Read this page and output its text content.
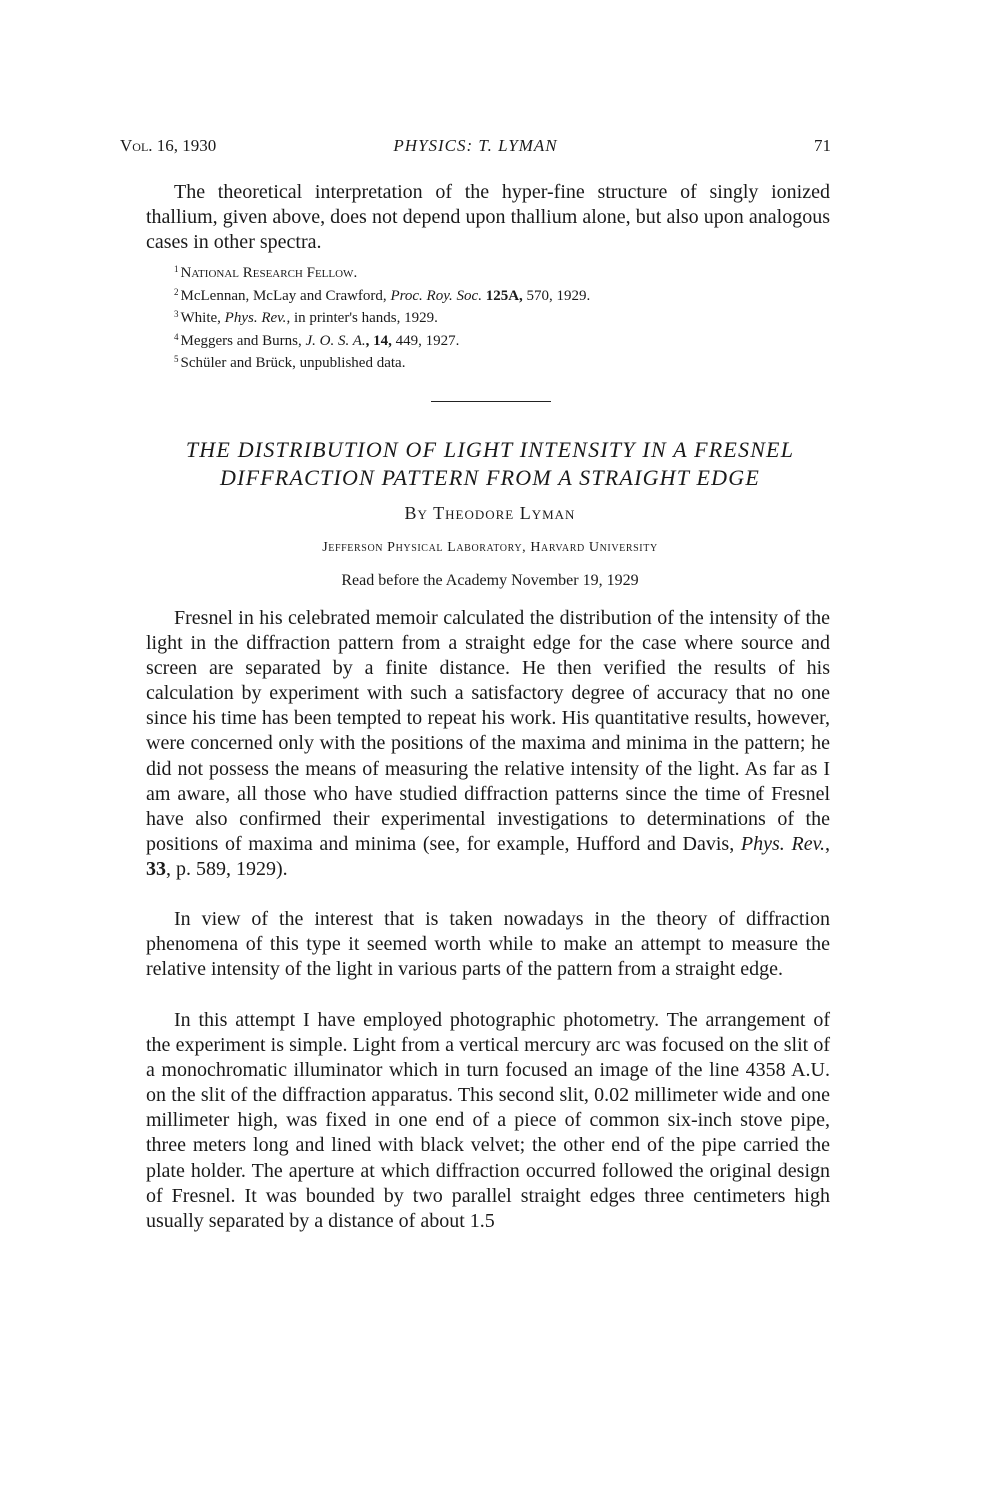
Vol. 16, 1930	PHYSICS: T. LYMAN	71
The theoretical interpretation of the hyper-fine structure of singly ionized thallium, given above, does not depend upon thallium alone, but also upon analogous cases in other spectra.
$^1$ National Research Fellow.
$^2$ McLennan, McLay and Crawford, Proc. Roy. Soc. 125A, 570, 1929.
$^3$ White, Phys. Rev., in printer's hands, 1929.
$^4$ Meggers and Burns, J. O. S. A., 14, 449, 1927.
$^5$ Schüler and Brück, unpublished data.
THE DISTRIBUTION OF LIGHT INTENSITY IN A FRESNEL
DIFFRACTION PATTERN FROM A STRAIGHT EDGE
By Theodore Lyman
Jefferson Physical Laboratory, Harvard University
Read before the Academy November 19, 1929
Fresnel in his celebrated memoir calculated the distribution of the intensity of the light in the diffraction pattern from a straight edge for the case where source and screen are separated by a finite distance. He then verified the results of his calculation by experiment with such a satisfactory degree of accuracy that no one since his time has been tempted to repeat his work. His quantitative results, however, were concerned only with the positions of the maxima and minima in the pattern; he did not possess the means of measuring the relative intensity of the light. As far as I am aware, all those who have studied diffraction patterns since the time of Fresnel have also confirmed their experimental investigations to determinations of the positions of maxima and minima (see, for example, Hufford and Davis, Phys. Rev., 33, p. 589, 1929).
In view of the interest that is taken nowadays in the theory of diffraction phenomena of this type it seemed worth while to make an attempt to measure the relative intensity of the light in various parts of the pattern from a straight edge.
In this attempt I have employed photographic photometry. The arrangement of the experiment is simple. Light from a vertical mercury arc was focused on the slit of a monochromatic illuminator which in turn focused an image of the line 4358 A.U. on the slit of the diffraction apparatus. This second slit, 0.02 millimeter wide and one millimeter high, was fixed in one end of a piece of common six-inch stove pipe, three meters long and lined with black velvet; the other end of the pipe carried the plate holder. The aperture at which diffraction occurred followed the original design of Fresnel. It was bounded by two parallel straight edges three centimeters high usually separated by a distance of about 1.5
